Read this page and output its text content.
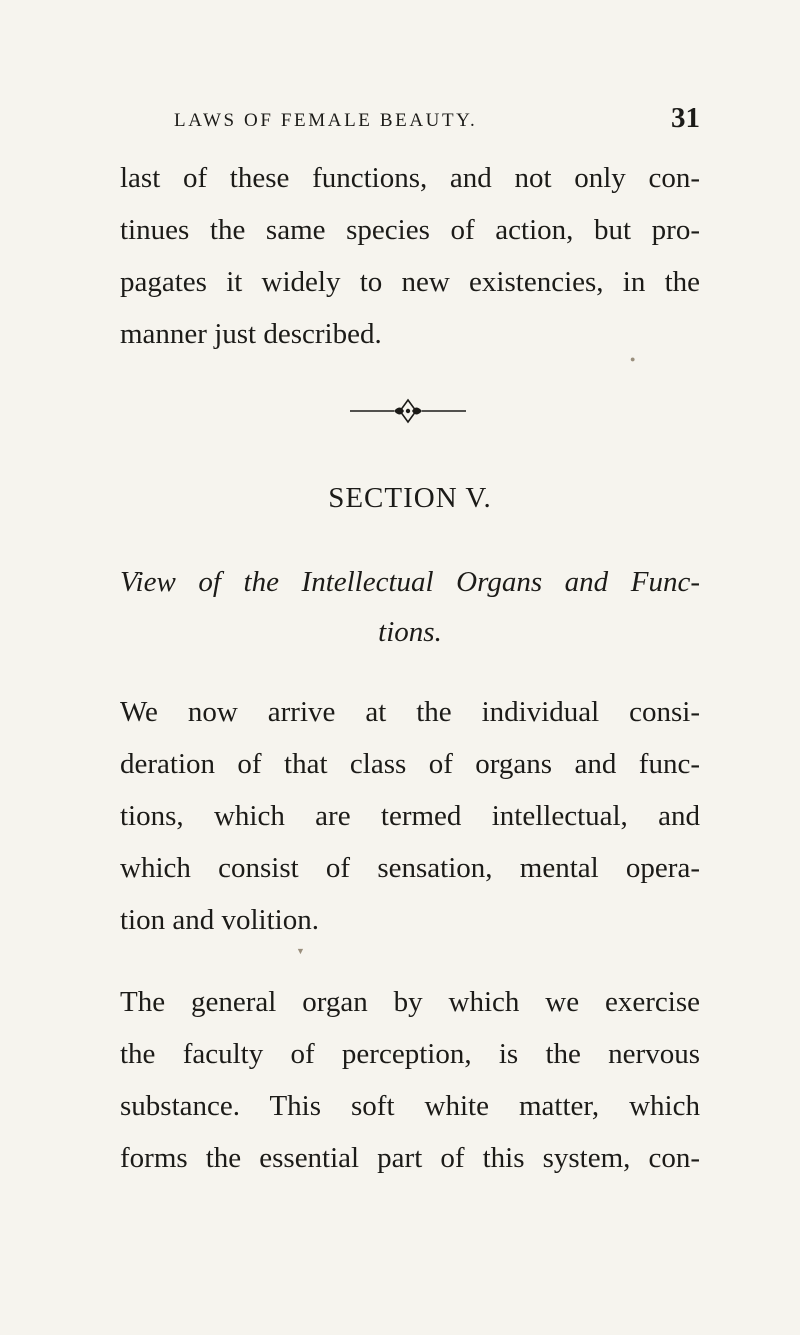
LAWS OF FEMALE BEAUTY.	31
last of these functions, and not only con-
tinues the same species of action, but pro-
pagates it widely to new existencies, in the
manner just described.
SECTION V.
View of the Intellectual Organs and Func-
tions.
We now arrive at the individual consi-
deration of that class of organs and func-
tions, which are termed intellectual, and
which consist of sensation, mental opera-
tion and volition.
The general organ by which we exercise
the faculty of perception, is the nervous
substance. This soft white matter, which
forms the essential part of this system, con-
▼
●
